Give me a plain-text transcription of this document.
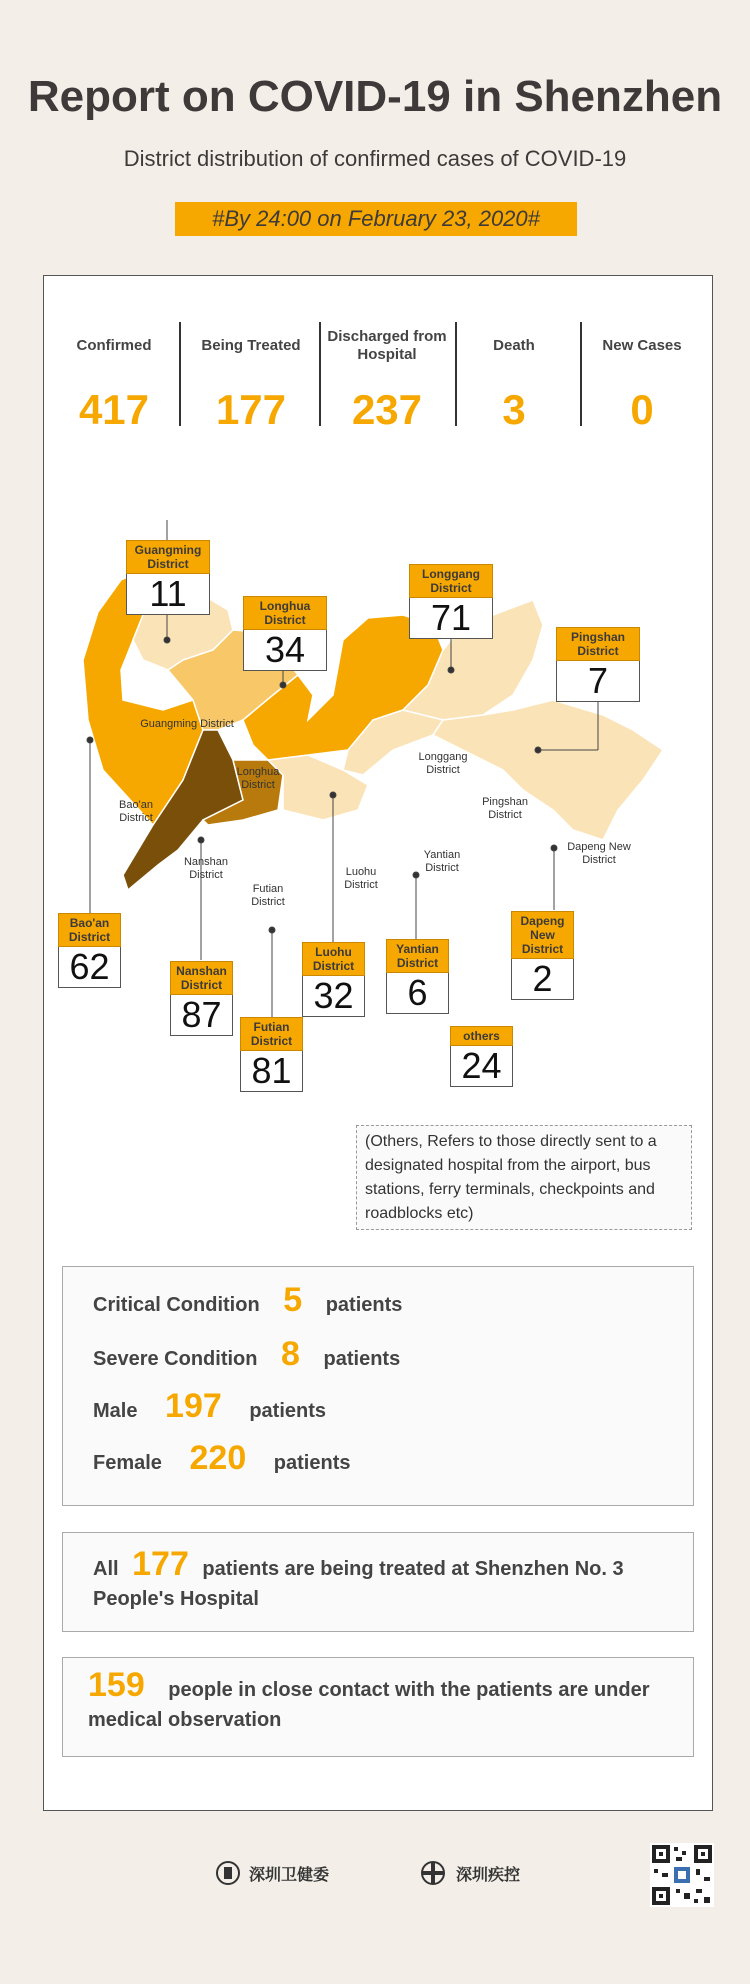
Report on COVID-19 in Shenzhen
District distribution of confirmed cases of COVID-19
#By 24:00 on February 23, 2020#
Confirmed
417
Being Treated
177
Discharged from Hospital
237
Death
3
New Cases
0
Guangming District
Bao'an
District
Longhua
District
Longgang
District
Pingshan
District
Nanshan
District
Futian
District
Luohu
District
Yantian
District
Dapeng New
District
Guangming District
11	Longhua District
34
Longgang District
71	Pingshan District
7
Bao'an District
62	Nanshan District
87	Futian District
81
Luohu District
32
Yantian District
6
Dapeng New District
2
others
24
(Others, Refers to those directly sent to a designated hospital from the airport, bus stations, ferry terminals, checkpoints and roadblocks etc)
Critical Condition 5 patients
Severe Condition 8 patients
Male 197 patients
Female 220 patients
All 177 patients are being treated at Shenzhen No. 3 People's Hospital
159 people in close contact with the patients are under medical observation
深圳卫健委	深圳疾控
